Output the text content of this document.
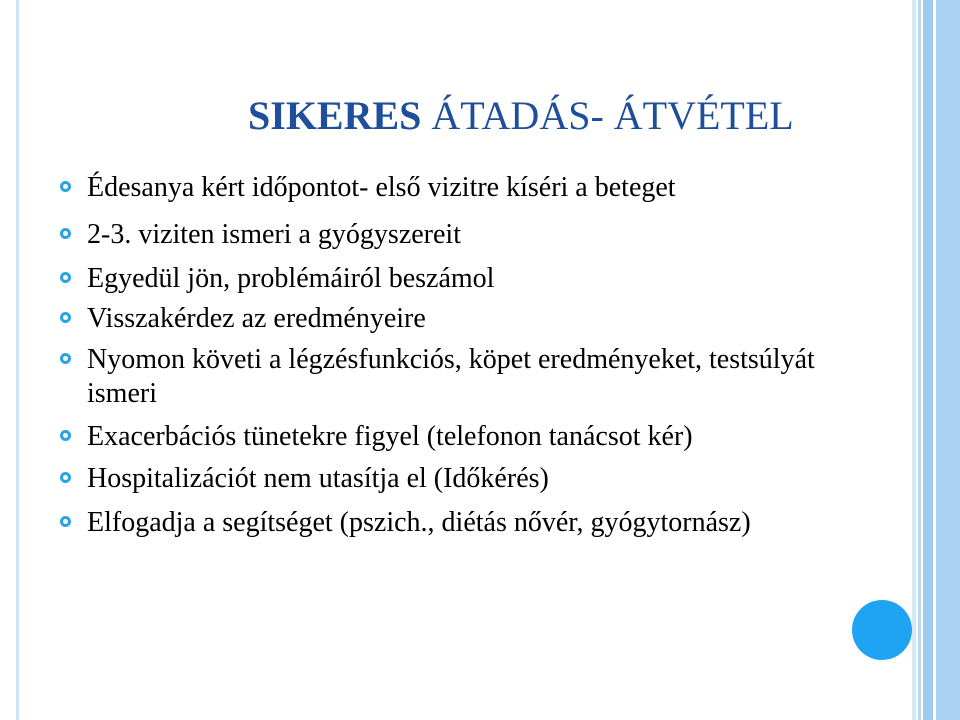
SIKERES ÁTADÁS- ÁTVÉTEL
Édesanya kért időpontot- első vizitre kíséri a beteget
2-3. viziten ismeri a gyógyszereit
Egyedül jön, problémáiról beszámol
Visszakérdez az eredményeire
Nyomon követi a légzésfunkciós, köpet eredményeket, testsúlyát ismeri
Exacerbációs tünetekre figyel (telefonon tanácsot kér)
Hospitalizációt nem utasítja el (Időkérés)
Elfogadja a segítséget (pszich., diétás nővér, gyógytornász)
